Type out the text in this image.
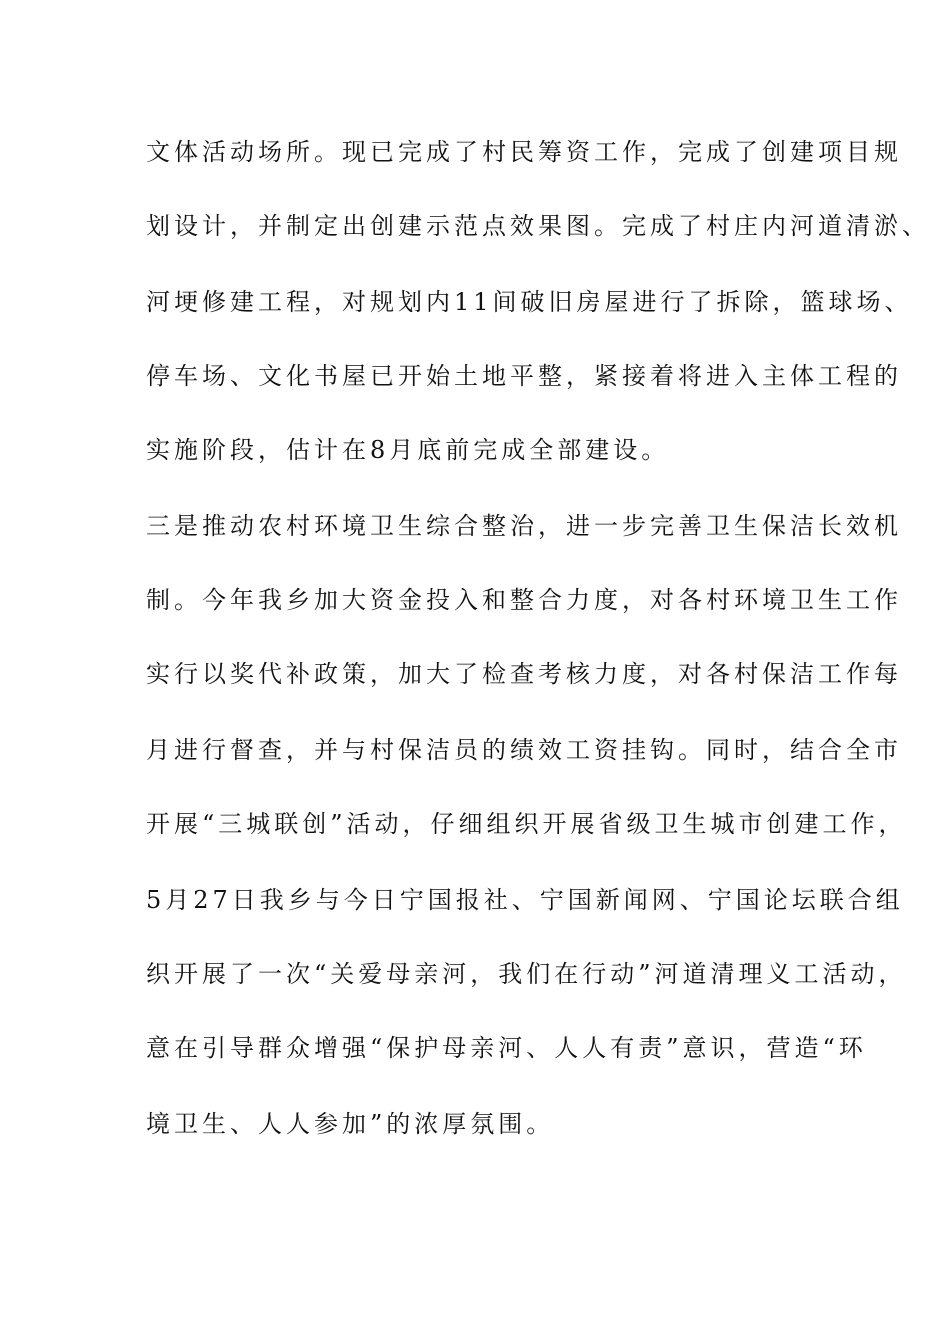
文体活动场所。现已完成了村民筹资工作，完成了创建项目规
划设计，并制定出创建示范点效果图。完成了村庄内河道清淤、
河埂修建工程，对规划内11间破旧房屋进行了拆除，篮球场、
停车场、文化书屋已开始土地平整，紧接着将进入主体工程的
实施阶段，估计在8月底前完成全部建设。
三是推动农村环境卫生综合整治，进一步完善卫生保洁长效机
制。今年我乡加大资金投入和整合力度，对各村环境卫生工作
实行以奖代补政策，加大了检查考核力度，对各村保洁工作每
月进行督查，并与村保洁员的绩效工资挂钩。同时，结合全市
开展“三城联创”活动，仔细组织开展省级卫生城市创建工作，
5月27日我乡与今日宁国报社、宁国新闻网、宁国论坛联合组
织开展了一次“关爱母亲河，我们在行动”河道清理义工活动，
意在引导群众增强“保护母亲河、人人有责”意识，营造“环
境卫生、人人参加”的浓厚氛围。
